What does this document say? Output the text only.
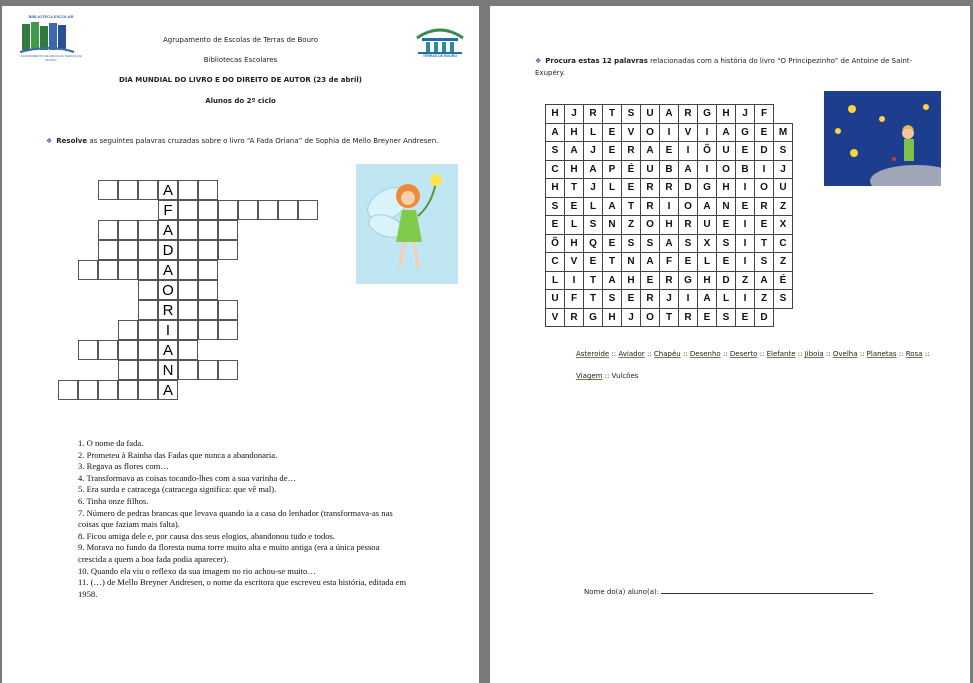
BIBLIOTECA ESCOLAR
AGRUPAMENTO DE ESCOLAS TERRAS DE BOURO
TERRAS DE BOURO
Agrupamento de Escolas de Terras de Bouro
Bibliotecas Escolares
DIA MUNDIAL DO LIVRO E DO DIREITO DE AUTOR (23 de abril)
Alunos do 2º ciclo
❖ Resolve as seguintes palavras cruzadas sobre o livro “A Fada Oriana” de Sophia de Mello Breyner Andresen.
A
F
A
D
A
O
R
I
A
N
A
1. O nome da fada.
2. Prometeu à Rainha das Fadas que nunca a abandonaria.
3. Regava as flores com…
4. Transformava as coisas tocando-lhes com a sua varinha de…
5. Era surda e catracega (catracega significa: que vê mal).
6. Tinha onze filhos.
7. Número de pedras brancas que levava quando ia a casa do lenhador (transformava-as nas coisas que faziam mais falta).
8. Ficou amiga dele e, por causa dos seus elogios, abandonou tudo e todos.
9. Morava no fundo da floresta numa torre muito alta e muito antiga (era a única pessoa crescida a quem a boa fada podia aparecer).
10. Quando ela viu o reflexo da sua imagem no rio achou-se muito…
11. (…) de Mello Breyner Andresen, o nome da escritora que escreveu esta história, editada em 1958.
❖ Procura estas 12 palavras relacionadas com a história do livro “O Principezinho” de Antoine de Saint-Exupéry.
H	J	R	T	S	U	A	R	G	H	J	F	
A	H	L	E	V	O	I	V	I	A	G	E	M
S	A	J	E	R	A	E	I	Õ	U	E	D	S
C	H	A	P	É	U	B	A	I	O	B	I	J
H	T	J	L	E	R	R	D	G	H	I	O	U
S	E	L	A	T	R	I	O	A	N	E	R	Z
E	L	S	N	Z	O	H	R	U	E	I	E	X
Õ	H	Q	E	S	S	A	S	X	S	I	T	C
C	V	E	T	N	A	F	E	L	E	I	S	Z
L	I	T	A	H	E	R	G	H	D	Z	A	É
U	F	T	S	E	R	J	I	A	L	I	Z	S
V	R	G	H	J	O	T	R	E	S	E	D	
Asteroide :: Aviador :: Chapéu :: Desenho :: Deserto :: Elefante :: Jiboia :: Ovelha :: Planetas :: Rosa ::
Viagem :: Vulcões
Nome do(a) aluno(a):
